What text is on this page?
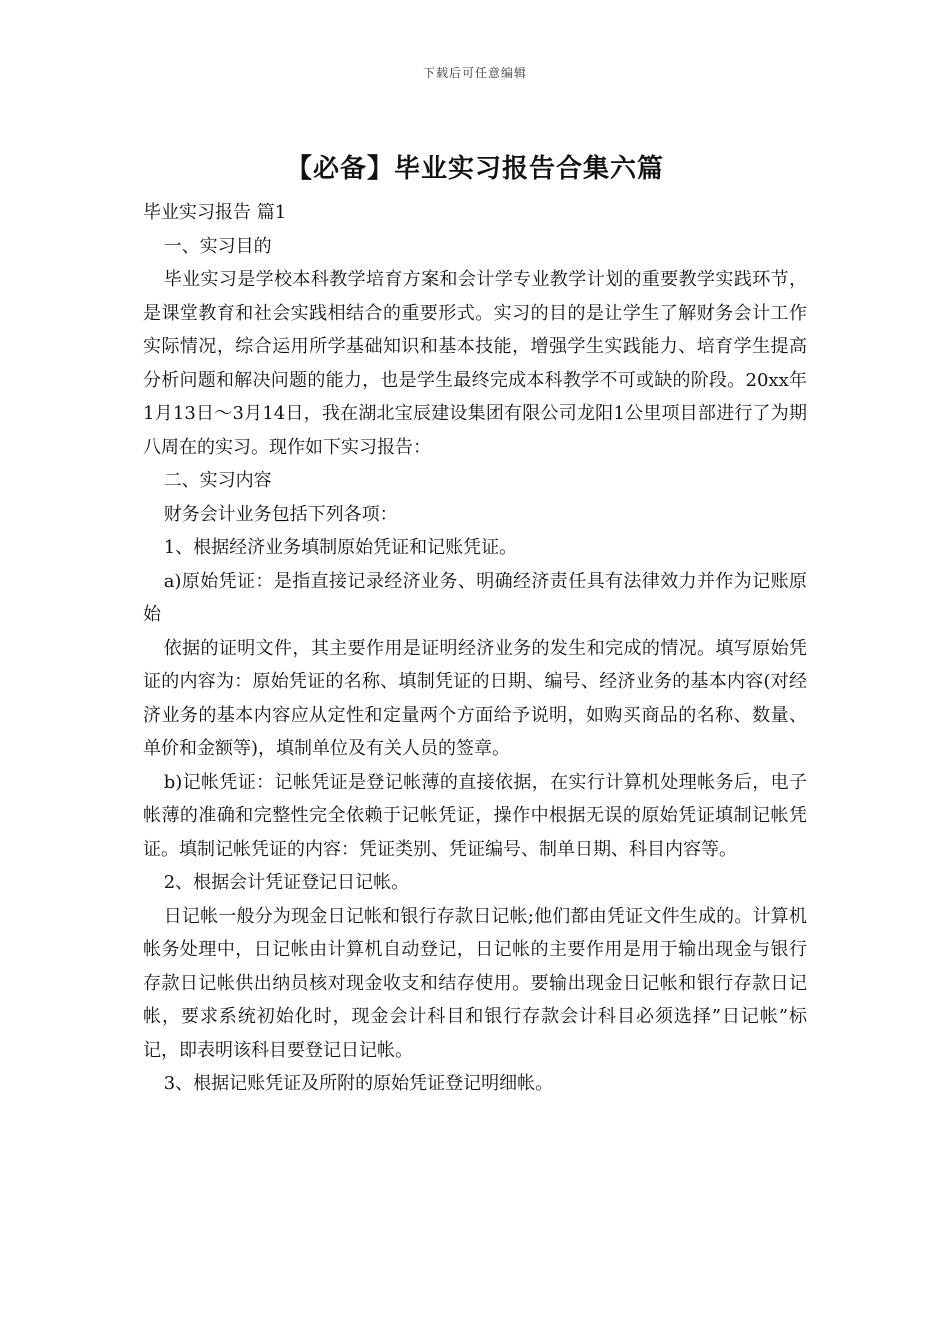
下载后可任意编辑
【必备】毕业实习报告合集六篇

毕业实习报告 篇1

一、实习目的

毕业实习是学校本科教学培育方案和会计学专业教学计划的重要教学实践环节，是课堂教育和社会实践相结合的重要形式。实习的目的是让学生了解财务会计工作实际情况，综合运用所学基础知识和基本技能，增强学生实践能力、培育学生提高分析问题和解决问题的能力，也是学生最终完成本科教学不可或缺的阶段。20xx年1月13日～3月14日，我在湖北宝辰建设集团有限公司龙阳1公里项目部进行了为期八周在的实习。现作如下实习报告：

二、实习内容

财务会计业务包括下列各项：

1、根据经济业务填制原始凭证和记账凭证。

a)原始凭证：是指直接记录经济业务、明确经济责任具有法律效力并作为记账原始

依据的证明文件，其主要作用是证明经济业务的发生和完成的情况。填写原始凭证的内容为：原始凭证的名称、填制凭证的日期、编号、经济业务的基本内容(对经济业务的基本内容应从定性和定量两个方面给予说明，如购买商品的名称、数量、单价和金额等)，填制单位及有关人员的签章。

b)记帐凭证：记帐凭证是登记帐薄的直接依据，在实行计算机处理帐务后，电子帐薄的准确和完整性完全依赖于记帐凭证，操作中根据无误的原始凭证填制记帐凭证。填制记帐凭证的内容：凭证类别、凭证编号、制单日期、科目内容等。

2、根据会计凭证登记日记帐。

日记帐一般分为现金日记帐和银行存款日记帐;他们都由凭证文件生成的。计算机帐务处理中，日记帐由计算机自动登记，日记帐的主要作用是用于输出现金与银行存款日记帐供出纳员核对现金收支和结存使用。要输出现金日记帐和银行存款日记帐，要求系统初始化时，现金会计科目和银行存款会计科目必须选择”日记帐”标记，即表明该科目要登记日记帐。

3、根据记账凭证及所附的原始凭证登记明细帐。
